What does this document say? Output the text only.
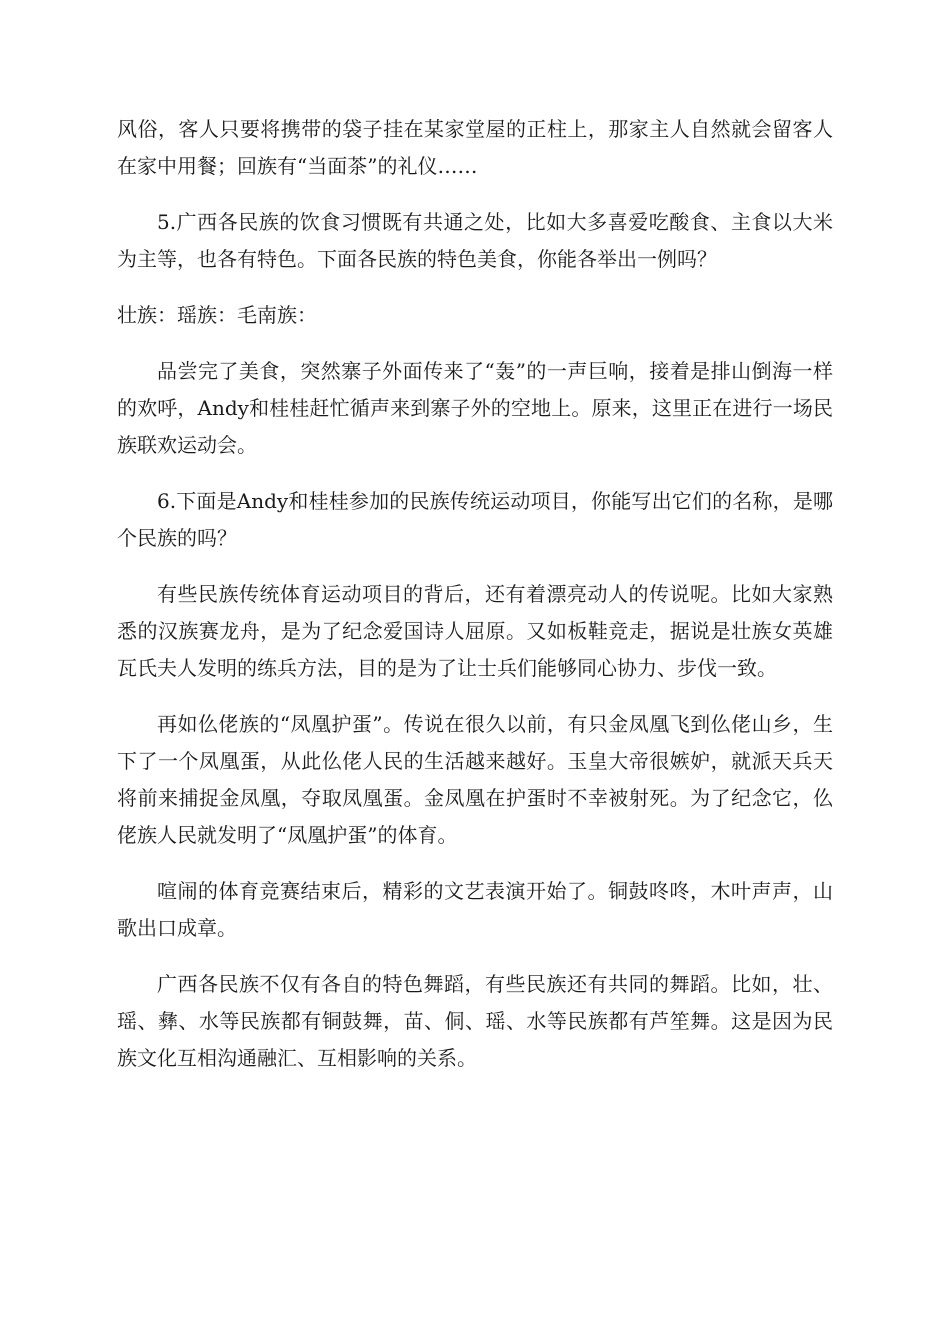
风俗，客人只要将携带的袋子挂在某家堂屋的正柱上，那家主人自然就会留客人在家中用餐；回族有“当面茶”的礼仪……

5.广西各民族的饮食习惯既有共通之处，比如大多喜爱吃酸食、主食以大米为主等，也各有特色。下面各民族的特色美食，你能各举出一例吗？

壮族：瑶族：毛南族：

品尝完了美食，突然寨子外面传来了“轰”的一声巨响，接着是排山倒海一样的欢呼，Andy和桂桂赶忙循声来到寨子外的空地上。原来，这里正在进行一场民族联欢运动会。

6.下面是Andy和桂桂参加的民族传统运动项目，你能写出它们的名称，是哪个民族的吗？

有些民族传统体育运动项目的背后，还有着漂亮动人的传说呢。比如大家熟悉的汉族赛龙舟，是为了纪念爱国诗人屈原。又如板鞋竞走，据说是壮族女英雄瓦氏夫人发明的练兵方法，目的是为了让士兵们能够同心协力、步伐一致。

再如仫佬族的“凤凰护蛋”。传说在很久以前，有只金凤凰飞到仫佬山乡，生下了一个凤凰蛋，从此仫佬人民的生活越来越好。玉皇大帝很嫉妒，就派天兵天将前来捕捉金凤凰，夺取凤凰蛋。金凤凰在护蛋时不幸被射死。为了纪念它，仫佬族人民就发明了“凤凰护蛋”的体育。

喧闹的体育竞赛结束后，精彩的文艺表演开始了。铜鼓咚咚，木叶声声，山歌出口成章。

广西各民族不仅有各自的特色舞蹈，有些民族还有共同的舞蹈。比如，壮、瑶、彝、水等民族都有铜鼓舞，苗、侗、瑶、水等民族都有芦笙舞。这是因为民族文化互相沟通融汇、互相影响的关系。
